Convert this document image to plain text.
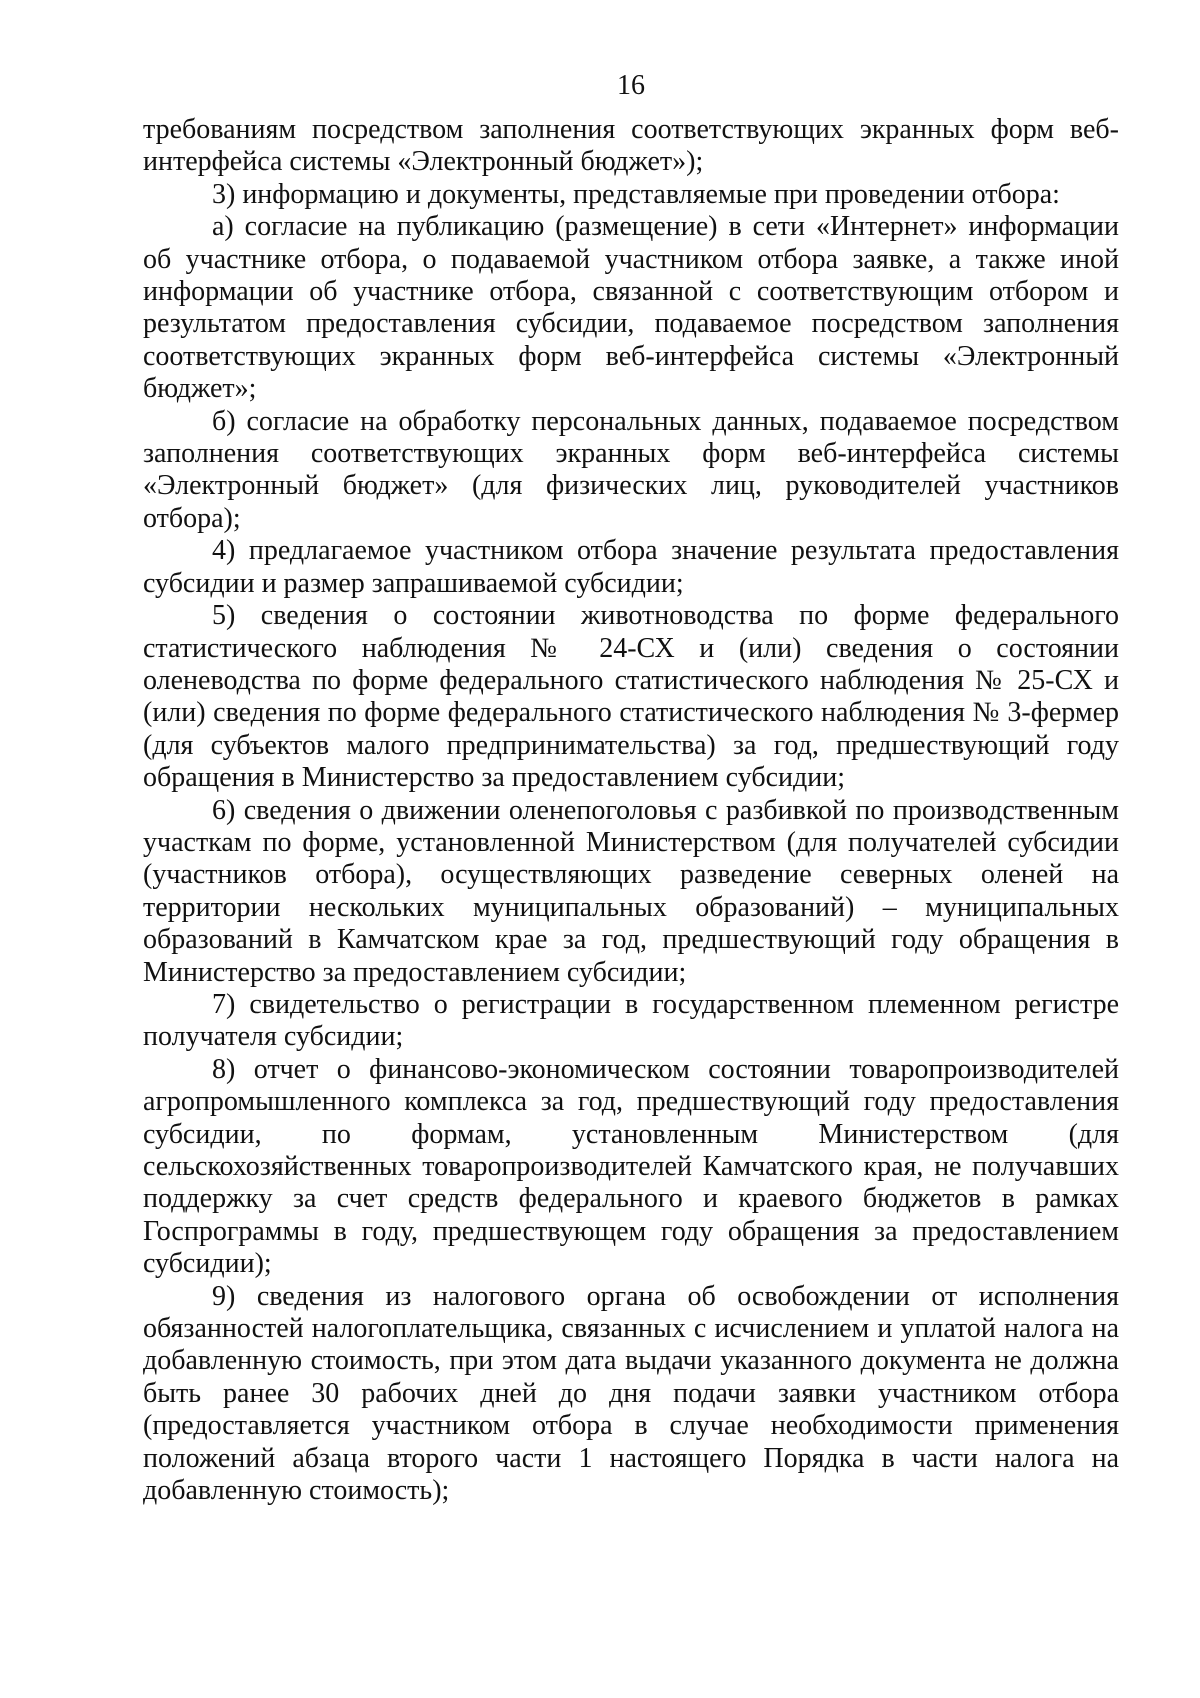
16

требованиям посредством заполнения соответствующих экранных форм веб-интерфейса системы «Электронный бюджет»);

3) информацию и документы, представляемые при проведении отбора:

а) согласие на публикацию (размещение) в сети «Интернет» информации об участнике отбора, о подаваемой участником отбора заявке, а также иной информации об участнике отбора, связанной с соответствующим отбором и результатом предоставления субсидии, подаваемое посредством заполнения соответствующих экранных форм веб-интерфейса системы «Электронный бюджет»;

б) согласие на обработку персональных данных, подаваемое посредством заполнения соответствующих экранных форм веб-интерфейса системы «Электронный бюджет» (для физических лиц, руководителей участников отбора);

4) предлагаемое участником отбора значение результата предоставления субсидии и размер запрашиваемой субсидии;

5) сведения о состоянии животноводства по форме федерального статистического наблюдения № 24-СХ и (или) сведения о состоянии оленеводства по форме федерального статистического наблюдения № 25-СХ и (или) сведения по форме федерального статистического наблюдения № 3-фермер (для субъектов малого предпринимательства) за год, предшествующий году обращения в Министерство за предоставлением субсидии;

6) сведения о движении оленепоголовья с разбивкой по производственным участкам по форме, установленной Министерством (для получателей субсидии (участников отбора), осуществляющих разведение северных оленей на территории нескольких муниципальных образований) – муниципальных образований в Камчатском крае за год, предшествующий году обращения в Министерство за предоставлением субсидии;

7) свидетельство о регистрации в государственном племенном регистре получателя субсидии;

8) отчет о финансово-экономическом состоянии товаропроизводителей агропромышленного комплекса за год, предшествующий году предоставления субсидии, по формам, установленным Министерством (для сельскохозяйственных товаропроизводителей Камчатского края, не получавших поддержку за счет средств федерального и краевого бюджетов в рамках Госпрограммы в году, предшествующем году обращения за предоставлением субсидии);

9) сведения из налогового органа об освобождении от исполнения обязанностей налогоплательщика, связанных с исчислением и уплатой налога на добавленную стоимость, при этом дата выдачи указанного документа не должна быть ранее 30 рабочих дней до дня подачи заявки участником отбора (предоставляется участником отбора в случае необходимости применения положений абзаца второго части 1 настоящего Порядка в части налога на добавленную стоимость);
